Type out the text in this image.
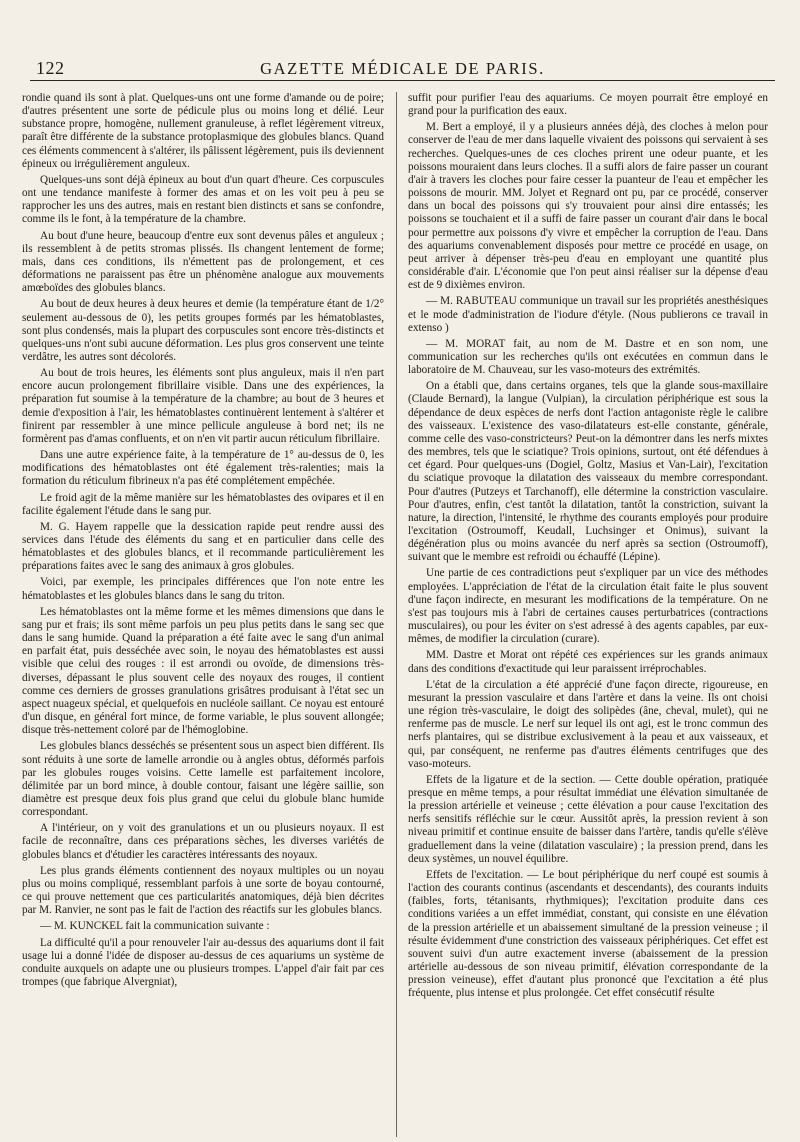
122	GAZETTE MÉDICALE DE PARIS.

rondie quand ils sont à plat. Quelques-uns ont une forme d'amande ou de poire; d'autres présentent une sorte de pédicule plus ou moins long et délié. Leur substance propre, homogène, nullement granuleuse, à reflet légèrement vitreux, paraît être différente de la substance protoplasmique des globules blancs. Quand ces éléments commencent à s'altérer, ils pâlissent légèrement, puis ils deviennent épineux ou irrégulièrement anguleux.

Quelques-uns sont déjà épineux au bout d'un quart d'heure. Ces corpuscules ont une tendance manifeste à former des amas et on les voit peu à peu se rapprocher les uns des autres, mais en restant bien distincts et sans se confondre, comme ils le font, à la température de la chambre.

Au bout d'une heure, beaucoup d'entre eux sont devenus pâles et anguleux ; ils ressemblent à de petits stromas plissés. Ils changent lentement de forme; mais, dans ces conditions, ils n'émettent pas de prolongement, et ces déformations ne paraissent pas être un phénomène analogue aux mouvements amœboïdes des globules blancs.

Au bout de deux heures à deux heures et demie (la température étant de 1/2° seulement au-dessous de 0), les petits groupes formés par les hématoblastes, sont plus condensés, mais la plupart des corpuscules sont encore très-distincts et quelques-uns n'ont subi aucune déformation. Les plus gros conservent une teinte verdâtre, les autres sont décolorés.

Au bout de trois heures, les éléments sont plus anguleux, mais il n'en part encore aucun prolongement fibrillaire visible. Dans une des expériences, la préparation fut soumise à la température de la chambre; au bout de 3 heures et demie d'exposition à l'air, les hématoblastes continuèrent lentement à s'altérer et finirent par ressembler à une mince pellicule anguleuse à bord net; ils ne formèrent pas d'amas confluents, et on n'en vit partir aucun réticulum fibrillaire.

Dans une autre expérience faite, à la température de 1° au-dessus de 0, les modifications des hématoblastes ont été également très-ralenties; mais la formation du réticulum fibrineux n'a pas été complétement empêchée.

Le froid agit de la même manière sur les hématoblastes des ovipares et il en facilite également l'étude dans le sang pur.

M. G. Hayem rappelle que la dessication rapide peut rendre aussi des services dans l'étude des éléments du sang et en particulier dans celle des hématoblastes et des globules blancs, et il recommande particulièrement les préparations faites avec le sang des animaux à gros globules.

Voici, par exemple, les principales différences que l'on note entre les hématoblastes et les globules blancs dans le sang du triton.

Les hématoblastes ont la même forme et les mêmes dimensions que dans le sang pur et frais; ils sont même parfois un peu plus petits dans le sang sec que dans le sang humide. Quand la préparation a été faite avec le sang d'un animal en parfait état, puis desséchée avec soin, le noyau des hématoblastes est aussi visible que celui des rouges : il est arrondi ou ovoïde, de dimensions très-diverses, dépassant le plus souvent celle des noyaux des rouges, il contient comme ces derniers de grosses granulations grisâtres produisant à l'état sec un aspect nuageux spécial, et quelquefois en nucléole saillant. Ce noyau est entouré d'un disque, en général fort mince, de forme variable, le plus souvent allongée; disque très-nettement coloré par de l'hémoglobine.

Les globules blancs desséchés se présentent sous un aspect bien différent. Ils sont réduits à une sorte de lamelle arrondie ou à angles obtus, déformés parfois par les globules rouges voisins. Cette lamelle est parfaitement incolore, délimitée par un bord mince, à double contour, faisant une légère saillie, son diamètre est presque deux fois plus grand que celui du globule blanc humide correspondant.

A l'intérieur, on y voit des granulations et un ou plusieurs noyaux. Il est facile de reconnaître, dans ces préparations sèches, les diverses variétés de globules blancs et d'étudier les caractères intéressants des noyaux.

Les plus grands éléments contiennent des noyaux multiples ou un noyau plus ou moins compliqué, ressemblant parfois à une sorte de boyau contourné, ce qui prouve nettement que ces particularités anatomiques, déjà bien décrites par M. Ranvier, ne sont pas le fait de l'action des réactifs sur les globules blancs.

— M. KUNCKEL fait la communication suivante :

La difficulté qu'il a pour renouveler l'air au-dessus des aquariums dont il fait usage lui a donné l'idée de disposer au-dessus de ces aquariums un système de conduite auxquels on adapte une ou plusieurs trompes. L'appel d'air fait par ces trompes (que fabrique Alvergniat),

suffit pour purifier l'eau des aquariums. Ce moyen pourrait être employé en grand pour la purification des eaux.

M. Bert a employé, il y a plusieurs années déjà, des cloches à melon pour conserver de l'eau de mer dans laquelle vivaient des poissons qui servaient à ses recherches. Quelques-unes de ces cloches prirent une odeur puante, et les poissons mouraient dans leurs cloches. Il a suffi alors de faire passer un courant d'air à travers les cloches pour faire cesser la puanteur de l'eau et empêcher les poissons de mourir. MM. Jolyet et Regnard ont pu, par ce procédé, conserver dans un bocal des poissons qui s'y trouvaient pour ainsi dire entassés; les poissons se touchaient et il a suffi de faire passer un courant d'air dans le bocal pour permettre aux poissons d'y vivre et empêcher la corruption de l'eau. Dans des aquariums convenablement disposés pour mettre ce procédé en usage, on peut arriver à dépenser très-peu d'eau en employant une quantité plus considérable d'air. L'économie que l'on peut ainsi réaliser sur la dépense d'eau est de 9 dixièmes environ.

— M. RABUTEAU communique un travail sur les propriétés anesthésiques et le mode d'administration de l'iodure d'étyle. (Nous publierons ce travail in extenso )

— M. MORAT fait, au nom de M. Dastre et en son nom, une communication sur les recherches qu'ils ont exécutées en commun dans le laboratoire de M. Chauveau, sur les vaso-moteurs des extrémités.

On a établi que, dans certains organes, tels que la glande sous-maxillaire (Claude Bernard), la langue (Vulpian), la circulation périphérique est sous la dépendance de deux espèces de nerfs dont l'action antagoniste règle le calibre des vaisseaux. L'existence des vaso-dilatateurs est-elle constante, générale, comme celle des vaso-constricteurs? Peut-on la démontrer dans les nerfs mixtes des membres, tels que le sciatique? Trois opinions, surtout, ont été défendues à cet égard. Pour quelques-uns (Dogiel, Goltz, Masius et Van-Lair), l'excitation du sciatique provoque la dilatation des vaisseaux du membre correspondant. Pour d'autres (Putzeys et Tarchanoff), elle détermine la constriction vasculaire. Pour d'autres, enfin, c'est tantôt la dilatation, tantôt la constriction, suivant la nature, la direction, l'intensité, le rhythme des courants employés pour produire l'excitation (Ostroumoff, Keudall, Luchsinger et Onimus), suivant la dégénération plus ou moins avancée du nerf après sa section (Ostroumoff), suivant que le membre est refroidi ou échauffé (Lépine).

Une partie de ces contradictions peut s'expliquer par un vice des méthodes employées. L'appréciation de l'état de la circulation était faite le plus souvent d'une façon indirecte, en mesurant les modifications de la température. On ne s'est pas toujours mis à l'abri de certaines causes perturbatrices (contractions musculaires), ou pour les éviter on s'est adressé à des agents capables, par eux-mêmes, de modifier la circulation (curare).

MM. Dastre et Morat ont répété ces expériences sur les grands animaux dans des conditions d'exactitude qui leur paraissent irréprochables.

L'état de la circulation a été apprécié d'une façon directe, rigoureuse, en mesurant la pression vasculaire et dans l'artère et dans la veine. Ils ont choisi une région très-vasculaire, le doigt des solipèdes (âne, cheval, mulet), qui ne renferme pas de muscle. Le nerf sur lequel ils ont agi, est le tronc commun des nerfs plantaires, qui se distribue exclusivement à la peau et aux vaisseaux, et qui, par conséquent, ne renferme pas d'autres éléments centrifuges que des vaso-moteurs.

Effets de la ligature et de la section. — Cette double opération, pratiquée presque en même temps, a pour résultat immédiat une élévation simultanée de la pression artérielle et veineuse ; cette élévation a pour cause l'excitation des nerfs sensitifs réfléchie sur le cœur. Aussitôt après, la pression revient à son niveau primitif et continue ensuite de baisser dans l'artère, tandis qu'elle s'élève graduellement dans la veine (dilatation vasculaire) ; la pression prend, dans les deux systèmes, un nouvel équilibre.

Effets de l'excitation. — Le bout périphérique du nerf coupé est soumis à l'action des courants continus (ascendants et descendants), des courants induits (faibles, forts, tétanisants, rhythmiques); l'excitation produite dans ces conditions variées a un effet immédiat, constant, qui consiste en une élévation de la pression artérielle et un abaissement simultané de la pression veineuse ; il résulte évidemment d'une constriction des vaisseaux périphériques. Cet effet est souvent suivi d'un autre exactement inverse (abaissement de la pression artérielle au-dessous de son niveau primitif, élévation correspondante de la pression veineuse), effet d'autant plus prononcé que l'excitation a été plus fréquente, plus intense et plus prolongée. Cet effet consécutif résulte
